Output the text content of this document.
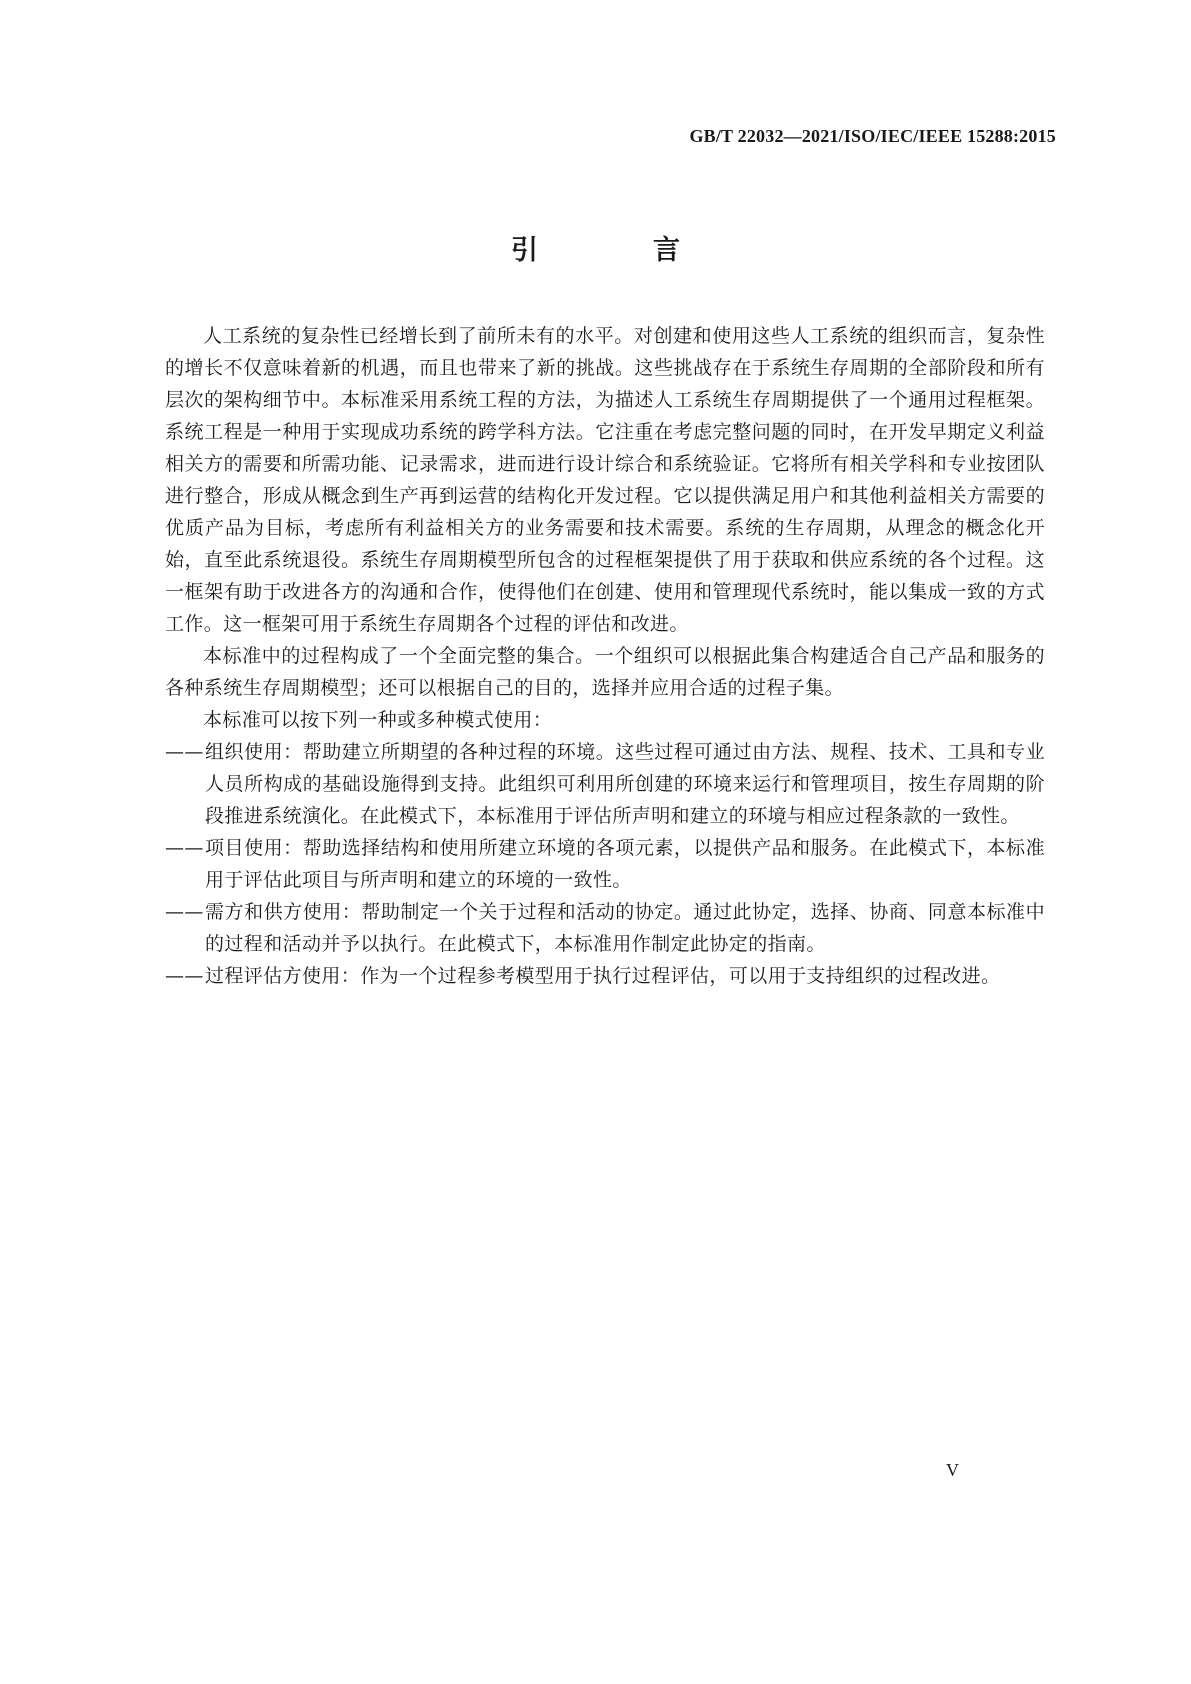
GB/T 22032—2021/ISO/IEC/IEEE 15288:2015
引　言

人工系统的复杂性已经增长到了前所未有的水平。对创建和使用这些人工系统的组织而言，复杂性的增长不仅意味着新的机遇，而且也带来了新的挑战。这些挑战存在于系统生存周期的全部阶段和所有层次的架构细节中。本标准采用系统工程的方法，为描述人工系统生存周期提供了一个通用过程框架。系统工程是一种用于实现成功系统的跨学科方法。它注重在考虑完整问题的同时，在开发早期定义利益相关方的需要和所需功能、记录需求，进而进行设计综合和系统验证。它将所有相关学科和专业按团队进行整合，形成从概念到生产再到运营的结构化开发过程。它以提供满足用户和其他利益相关方需要的优质产品为目标，考虑所有利益相关方的业务需要和技术需要。系统的生存周期，从理念的概念化开始，直至此系统退役。系统生存周期模型所包含的过程框架提供了用于获取和供应系统的各个过程。这一框架有助于改进各方的沟通和合作，使得他们在创建、使用和管理现代系统时，能以集成一致的方式工作。这一框架可用于系统生存周期各个过程的评估和改进。

本标准中的过程构成了一个全面完整的集合。一个组织可以根据此集合构建适合自己产品和服务的各种系统生存周期模型；还可以根据自己的目的，选择并应用合适的过程子集。

本标准可以按下列一种或多种模式使用：

—— 组织使用：帮助建立所期望的各种过程的环境。这些过程可通过由方法、规程、技术、工具和专业人员所构成的基础设施得到支持。此组织可利用所创建的环境来运行和管理项目，按生存周期的阶段推进系统演化。在此模式下，本标准用于评估所声明和建立的环境与相应过程条款的一致性。

—— 项目使用：帮助选择结构和使用所建立环境的各项元素，以提供产品和服务。在此模式下，本标准用于评估此项目与所声明和建立的环境的一致性。

—— 需方和供方使用：帮助制定一个关于过程和活动的协定。通过此协定，选择、协商、同意本标准中的过程和活动并予以执行。在此模式下，本标准用作制定此协定的指南。

—— 过程评估方使用：作为一个过程参考模型用于执行过程评估，可以用于支持组织的过程改进。

V
